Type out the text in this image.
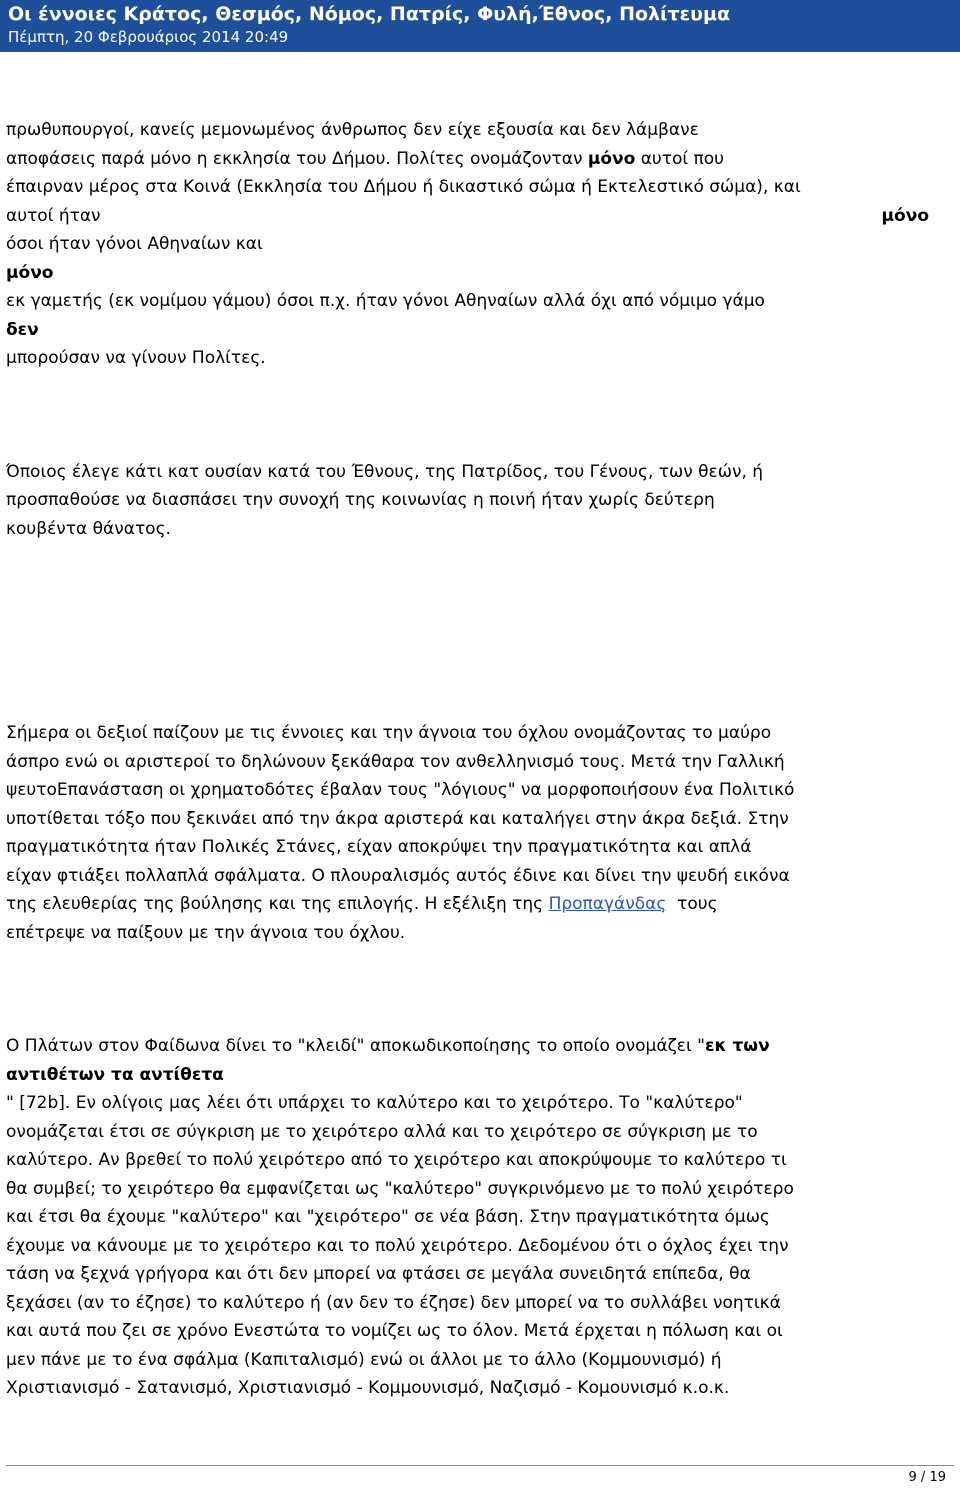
Οι έννοιες Κράτος, Θεσμός, Νόμος, Πατρίς, Φυλή,Έθνος, Πολίτευμα
Πέμπτη, 20 Φεβρουάριος 2014 20:49
πρωθυπουργοί, κανείς μεμονωμένος άνθρωπος δεν είχε εξουσία και δεν λάμβανε
αποφάσεις παρά μόνο η εκκλησία του Δήμου. Πολίτες ονομάζονταν μόνο αυτοί που
έπαιρναν μέρος στα Κοινά (Εκκλησία του Δήμου ή δικαστικό σώμα ή Εκτελεστικό σώμα), και
αυτοί ήταν	μόνο
όσοι ήταν γόνοι Αθηναίων και
μόνο
εκ γαμετής (εκ νομίμου γάμου) όσοι π.χ. ήταν γόνοι Αθηναίων αλλά όχι από νόμιμο γάμο
δεν
μπορούσαν να γίνουν Πολίτες.
Όποιος έλεγε κάτι κατ ουσίαν κατά του Έθνους, της Πατρίδος, του Γένους, των θεών, ή
προσπαθούσε να διασπάσει την συνοχή της κοινωνίας η ποινή ήταν χωρίς δεύτερη
κουβέντα θάνατος.
Σήμερα οι δεξιοί παίζουν με τις έννοιες και την άγνοια του όχλου ονομάζοντας το μαύρο
άσπρο ενώ οι αριστεροί το δηλώνουν ξεκάθαρα τον ανθελληνισμό τους. Μετά την Γαλλική
ψευτοΕπανάσταση οι χρηματοδότες έβαλαν τους "λόγιους" να μορφοποιήσουν ένα Πολιτικό
υποτίθεται τόξο που ξεκινάει από την άκρα αριστερά και καταλήγει στην άκρα δεξιά. Στην
πραγματικότητα ήταν Πολικές Στάνες, είχαν αποκρύψει την πραγματικότητα και απλά
είχαν φτιάξει πολλαπλά σφάλματα. Ο πλουραλισμός αυτός έδινε και δίνει την ψευδή εικόνα
της ελευθερίας της βούλησης και της επιλογής. Η εξέλιξη της Προπαγάνδας  τους
επέτρεψε να παίξουν με την άγνοια του όχλου.
Ο Πλάτων στον Φαίδωνα δίνει το "κλειδί" αποκωδικοποίησης το οποίο ονομάζει "εκ των
αντιθέτων τα αντίθετα
" [72b]. Εν ολίγοις μας λέει ότι υπάρχει το καλύτερο και το χειρότερο. Το "καλύτερο"
ονομάζεται έτσι σε σύγκριση με το χειρότερο αλλά και το χειρότερο σε σύγκριση με το
καλύτερο. Αν βρεθεί το πολύ χειρότερο από το χειρότερο και αποκρύψουμε το καλύτερο τι
θα συμβεί; το χειρότερο θα εμφανίζεται ως "καλύτερο" συγκρινόμενο με το πολύ χειρότερο
και έτσι θα έχουμε "καλύτερο" και "χειρότερο" σε νέα βάση. Στην πραγματικότητα όμως
έχουμε να κάνουμε με το χειρότερο και το πολύ χειρότερο. Δεδομένου ότι ο όχλος έχει την
τάση να ξεχνά γρήγορα και ότι δεν μπορεί να φτάσει σε μεγάλα συνειδητά επίπεδα, θα
ξεχάσει (αν το έζησε) το καλύτερο ή (αν δεν το έζησε) δεν μπορεί να το συλλάβει νοητικά
και αυτά που ζει σε χρόνο Ενεστώτα το νομίζει ως το όλον. Μετά έρχεται η πόλωση και οι
μεν πάνε με το ένα σφάλμα (Καπιταλισμό) ενώ οι άλλοι με το άλλο (Κομμουνισμό) ή
Χριστιανισμό - Σατανισμό, Χριστιανισμό - Κομμουνισμό, Ναζισμό - Κομουνισμό κ.ο.κ.
9 / 19
